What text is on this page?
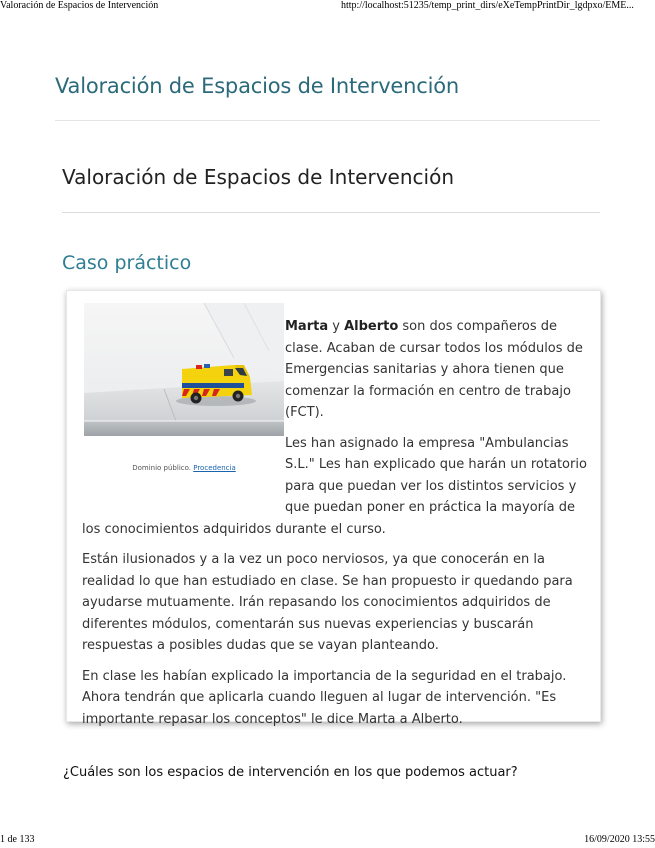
Valoración de Espacios de Intervención	http://localhost:51235/temp_print_dirs/eXeTempPrintDir_lgdpxo/EME...
Valoración de Espacios de Intervención
Valoración de Espacios de Intervención
Caso práctico
Dominio público. Procedencia

Marta y Alberto son dos compañeros de clase. Acaban de cursar todos los módulos de Emergencias sanitarias y ahora tienen que comenzar la formación en centro de trabajo (FCT).

Les han asignado la empresa "Ambulancias S.L." Les han explicado que harán un rotatorio para que puedan ver los distintos servicios y que puedan poner en práctica la mayoría de los conocimientos adquiridos durante el curso.

Están ilusionados y a la vez un poco nerviosos, ya que conocerán en la realidad lo que han estudiado en clase. Se han propuesto ir quedando para ayudarse mutuamente. Irán repasando los conocimientos adquiridos de diferentes módulos, comentarán sus nuevas experiencias y buscarán respuestas a posibles dudas que se vayan planteando.

En clase les habían explicado la importancia de la seguridad en el trabajo. Ahora tendrán que aplicarla cuando lleguen al lugar de intervención. "Es importante repasar los conceptos" le dice Marta a Alberto.

¿Cuáles son los espacios de intervención en los que podemos actuar?

1 de 133	16/09/2020 13:55
